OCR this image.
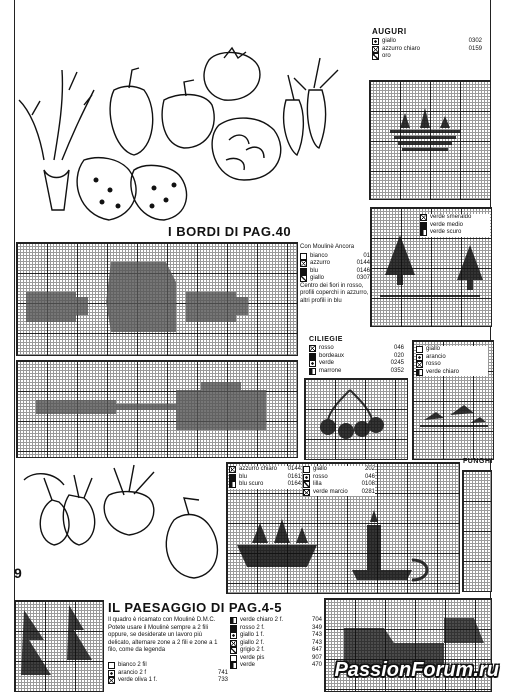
AUGURI
giallo	0302
azzurro chiaro	0159
oro
verde smeraldo
verde medio
verde scuro
I BORDI DI PAG.40
Con Moulinè Ancora
bianco	01
azzurro	0144
blu	0146
giallo	0307
Centro dei fiori in rosso, profili coperchi in azzurro, altri profili in blu
CILIEGIE
rosso	046
bordeaux	020
verde	0245
marrone	0352
giallo
arancio
rosso
verde chiaro
9
azzurro chiaro	0144
blu	0161
blu scuro	0164
giallo	202
rosso	046
lilla	0108
verde marcio	0281
FUNGHI
IL PAESAGGIO DI PAG.4-5
Il quadro è ricamato con Moulinè D.M.C. Potete usare il Moulinè sempre a 2 fili oppure, se desiderate un lavoro più delicato, alternare zone a 2 fili e zone a 1 filo, come da legenda
bianco 2 fil
arancio 2 f	741
verde oliva 1 f.	733
verde chiaro 2 f.	704
rosso 2 f.	349
giallo 1 f.	743
giallo 2 f.	743
grigio 2 f.	647
verde pis	907
verde	470 PassionForum.ru
